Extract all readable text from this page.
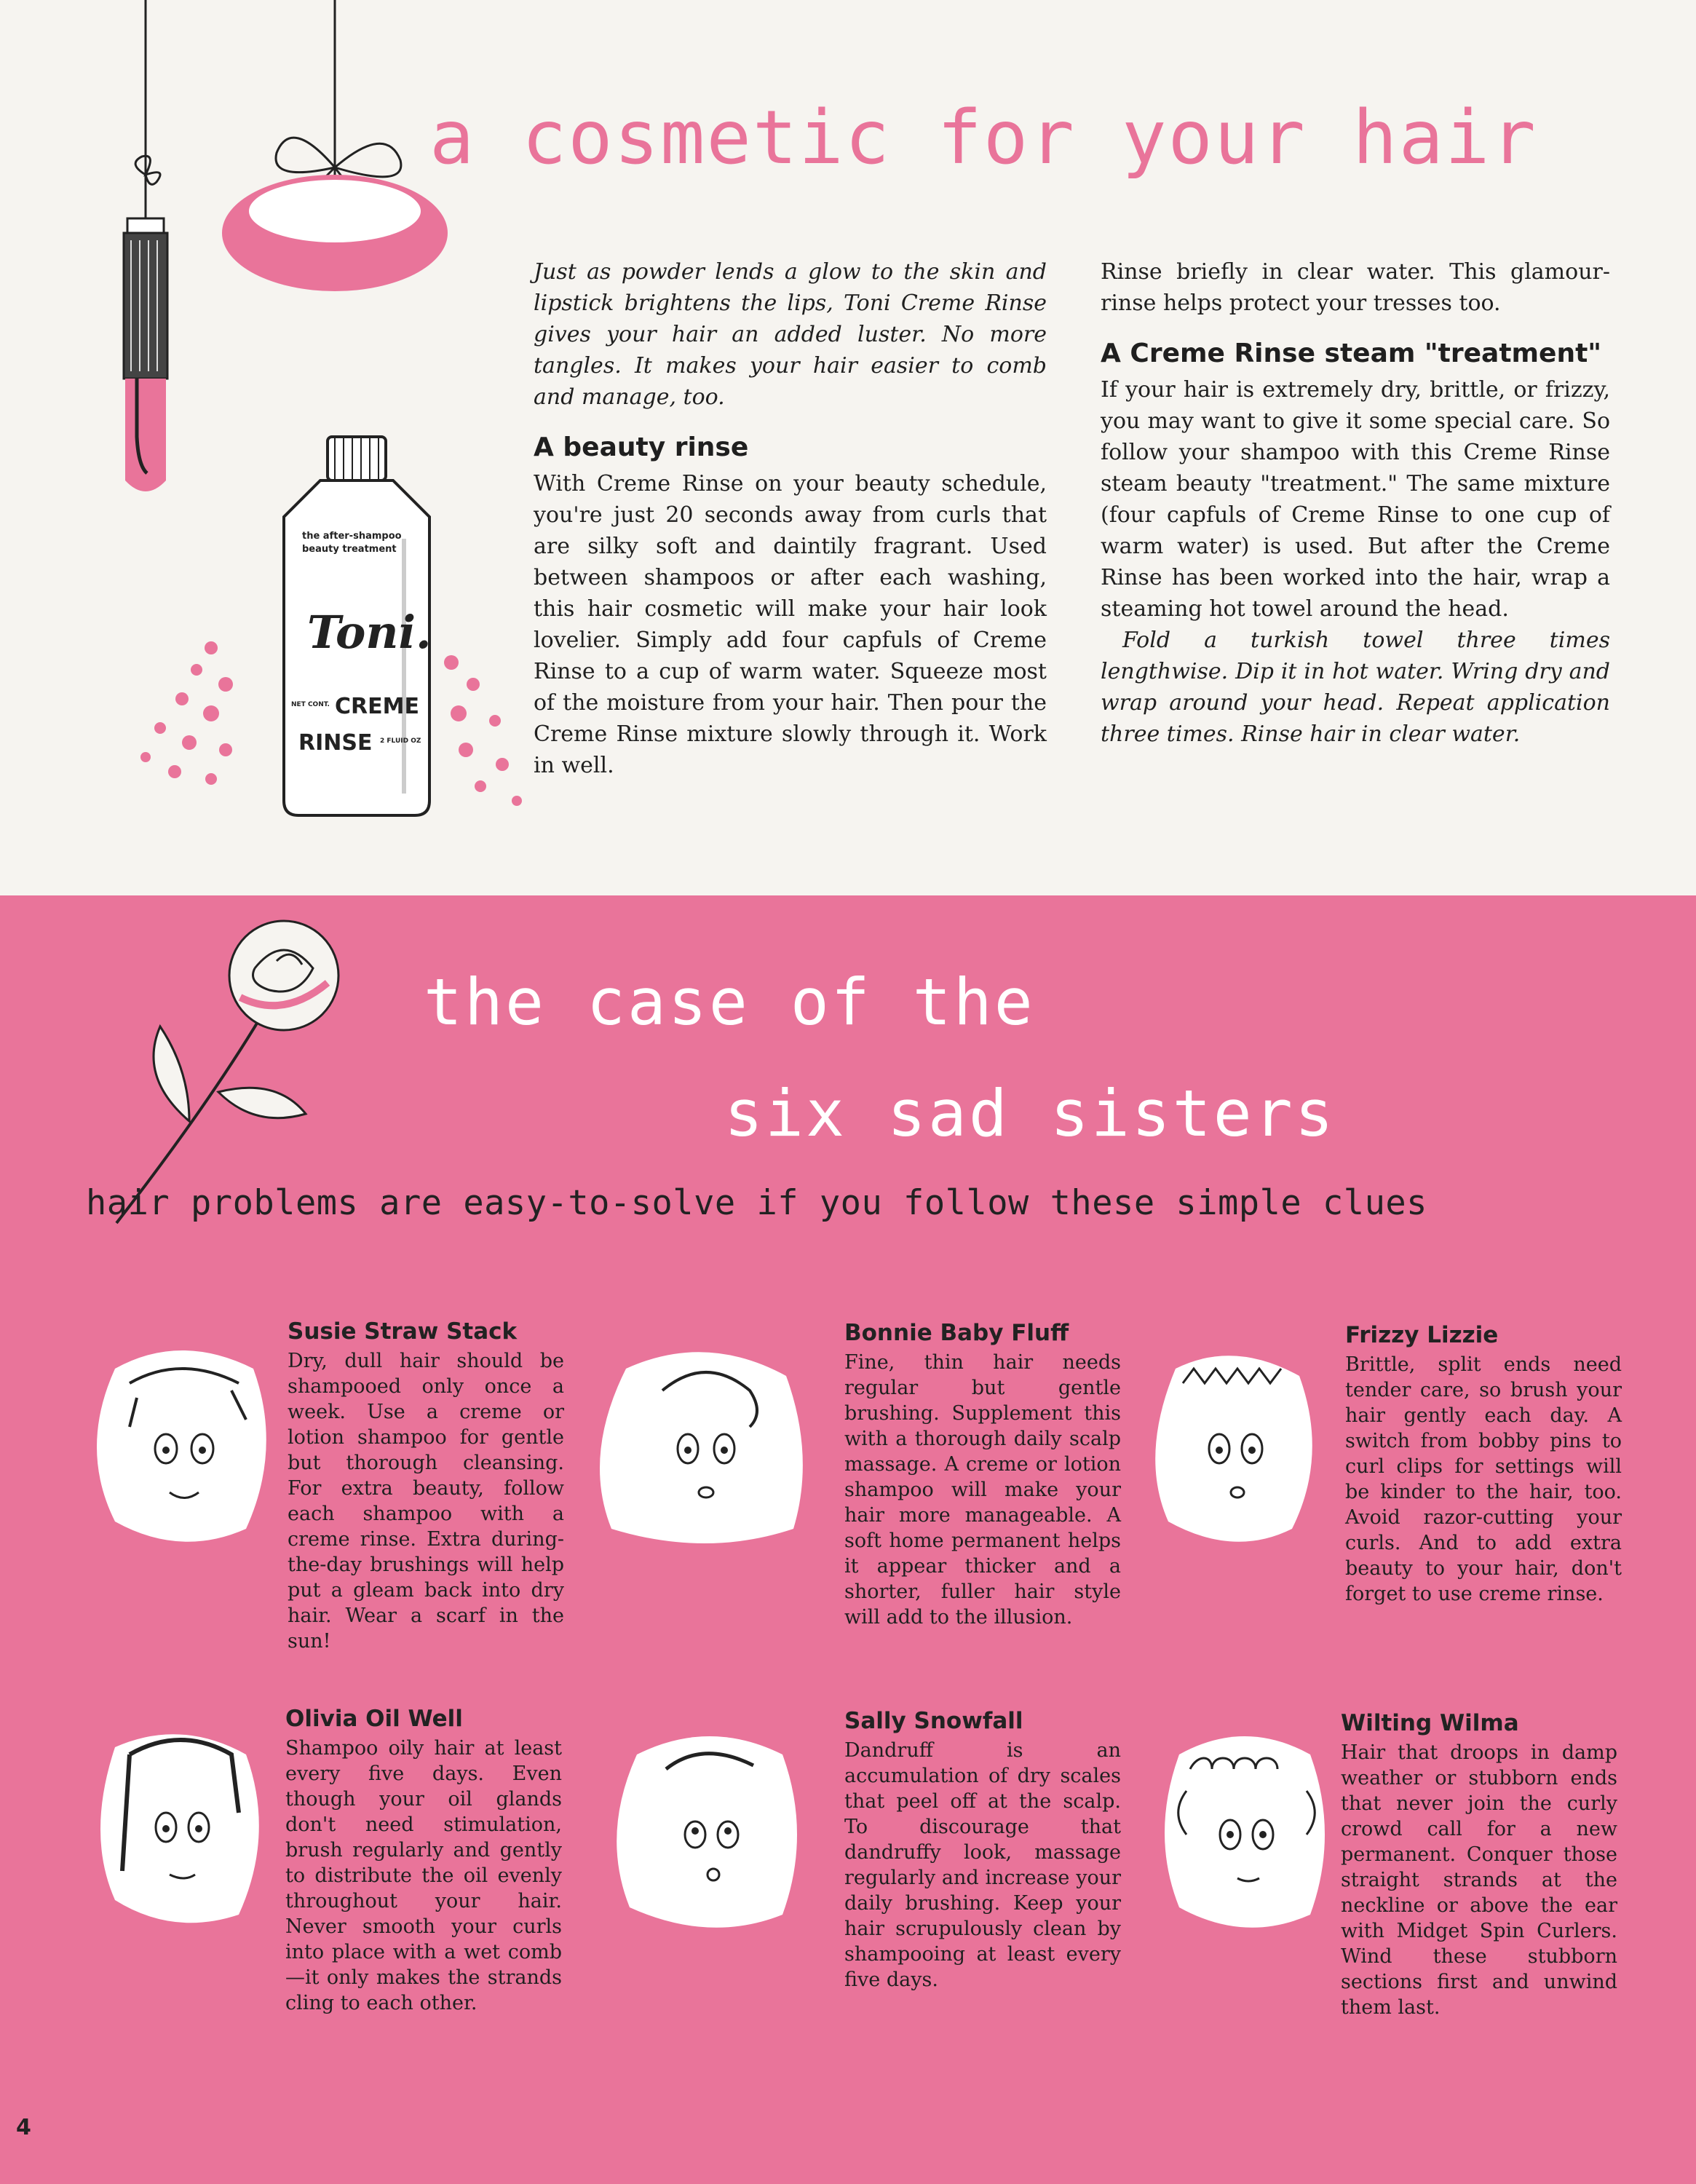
a cosmetic for your hair
the after-shampoo
beauty treatment
Toni.
NET CONT. CREME
RINSE 2 FLUID OZ

Just as powder lends a glow to the skin and lipstick brightens the lips, Toni Creme Rinse gives your hair an added luster. No more tangles. It makes your hair easier to comb and manage, too.

A beauty rinse

With Creme Rinse on your beauty schedule, you're just 20 seconds away from curls that are silky soft and daintily fragrant. Used between shampoos or after each washing, this hair cosmetic will make your hair look lovelier. Simply add four capfuls of Creme Rinse to a cup of warm water. Squeeze most of the moisture from your hair. Then pour the Creme Rinse mixture slowly through it. Work in well.

Rinse briefly in clear water. This glamour-rinse helps protect your tresses too.

A Creme Rinse steam "treatment"

If your hair is extremely dry, brittle, or frizzy, you may want to give it some special care. So follow your shampoo with this Creme Rinse steam beauty "treatment." The same mixture (four capfuls of Creme Rinse to one cup of warm water) is used. But after the Creme Rinse has been worked into the hair, wrap a steaming hot towel around the head.

Fold a turkish towel three times lengthwise. Dip it in hot water. Wring dry and wrap around your head. Repeat application three times. Rinse hair in clear water.

the case of the
six sad sisters
hair problems are easy-to-solve if you follow these simple clues
Susie Straw Stack

Dry, dull hair should be shampooed only once a week. Use a creme or lotion shampoo for gentle but thorough cleansing. For extra beauty, follow each shampoo with a creme rinse. Extra during-the-day brushings will help put a gleam back into dry hair. Wear a scarf in the sun!

Bonnie Baby Fluff

Fine, thin hair needs regular but gentle brushing. Supplement this with a thorough daily scalp massage. A creme or lotion shampoo will make your hair more manageable. A soft home permanent helps it appear thicker and a shorter, fuller hair style will add to the illusion.

Frizzy Lizzie

Brittle, split ends need tender care, so brush your hair gently each day. A switch from bobby pins to curl clips for settings will be kinder to the hair, too. Avoid razor-cutting your curls. And to add extra beauty to your hair, don't forget to use creme rinse.

Olivia Oil Well

Shampoo oily hair at least every five days. Even though your oil glands don't need stimulation, brush regularly and gently to distribute the oil evenly throughout your hair. Never smooth your curls into place with a wet comb—it only makes the strands cling to each other.

Sally Snowfall

Dandruff is an accumulation of dry scales that peel off at the scalp. To discourage that dandruffy look, massage regularly and increase your daily brushing. Keep your hair scrupulously clean by shampooing at least every five days.

Wilting Wilma

Hair that droops in damp weather or stubborn ends that never join the curly crowd call for a new permanent. Conquer those straight strands at the neckline or above the ear with Midget Spin Curlers. Wind these stubborn sections first and unwind them last.

4
